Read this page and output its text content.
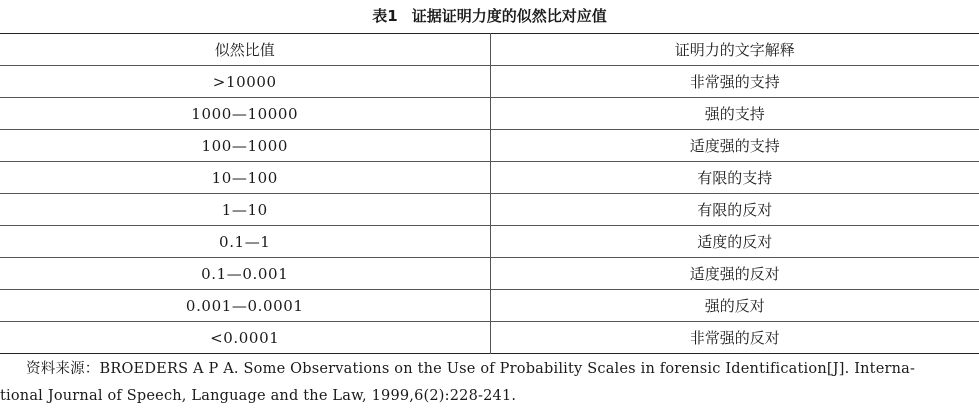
表1 证据证明力度的似然比对应值
似然比值	证明力的文字解释
>10000	非常强的支持
1000—10000	强的支持
100—1000	适度强的支持
10—100	有限的支持
1—10	有限的反对
0.1—1	适度的反对
0.1—0.001	适度强的反对
0.001—0.0001	强的反对
<0.0001	非常强的反对
资料来源：BROEDERS A P A. Some Observations on the Use of Probability Scales in forensic Identification[J]. Interna-
tional Journal of Speech, Language and the Law, 1999,6(2):228-241.
